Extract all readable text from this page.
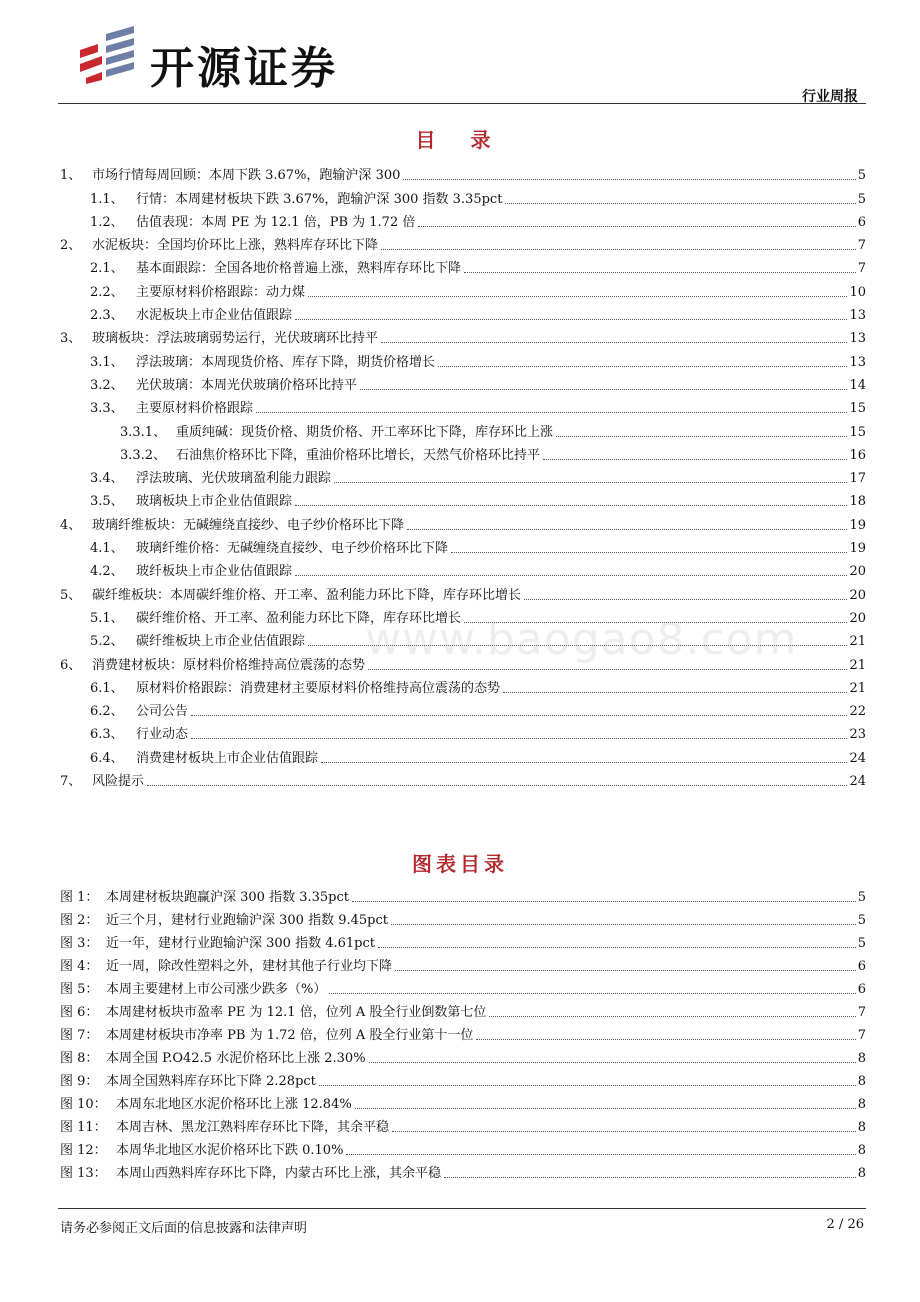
开源证券
行业周报
目 录
1、 市场行情每周回顾：本周下跌 3.67%，跑输沪深 300	5
1.1、 行情：本周建材板块下跌 3.67%，跑输沪深 300 指数 3.35pct	5
1.2、 估值表现：本周 PE 为 12.1 倍，PB 为 1.72 倍	6
2、 水泥板块：全国均价环比上涨，熟料库存环比下降	7
2.1、 基本面跟踪：全国各地价格普遍上涨，熟料库存环比下降	7
2.2、 主要原材料价格跟踪：动力煤	10
2.3、 水泥板块上市企业估值跟踪	13
3、 玻璃板块：浮法玻璃弱势运行，光伏玻璃环比持平	13
3.1、 浮法玻璃：本周现货价格、库存下降，期货价格增长	13
3.2、 光伏玻璃：本周光伏玻璃价格环比持平	14
3.3、 主要原材料价格跟踪	15
3.3.1、 重质纯碱：现货价格、期货价格、开工率环比下降，库存环比上涨	15
3.3.2、 石油焦价格环比下降，重油价格环比增长，天然气价格环比持平	16
3.4、 浮法玻璃、光伏玻璃盈利能力跟踪	17
3.5、 玻璃板块上市企业估值跟踪	18
4、 玻璃纤维板块：无碱缠绕直接纱、电子纱价格环比下降	19
4.1、 玻璃纤维价格：无碱缠绕直接纱、电子纱价格环比下降	19
4.2、 玻纤板块上市企业估值跟踪	20
5、 碳纤维板块：本周碳纤维价格、开工率、盈利能力环比下降，库存环比增长	20
5.1、 碳纤维价格、开工率、盈利能力环比下降，库存环比增长	20
5.2、 碳纤维板块上市企业估值跟踪	21
6、 消费建材板块：原材料价格维持高位震荡的态势	21
6.1、 原材料价格跟踪：消费建材主要原材料价格维持高位震荡的态势	21
6.2、 公司公告	22
6.3、 行业动态	23
6.4、 消费建材板块上市企业估值跟踪	24
7、 风险提示	24
图表目录
图 1： 本周建材板块跑赢沪深 300 指数 3.35pct	5
图 2： 近三个月，建材行业跑输沪深 300 指数 9.45pct	5
图 3： 近一年，建材行业跑输沪深 300 指数 4.61pct	5
图 4： 近一周，除改性塑料之外，建材其他子行业均下降	6
图 5： 本周主要建材上市公司涨少跌多（%）	6
图 6： 本周建材板块市盈率 PE 为 12.1 倍，位列 A 股全行业倒数第七位	7
图 7： 本周建材板块市净率 PB 为 1.72 倍，位列 A 股全行业第十一位	7
图 8： 本周全国 P.O42.5 水泥价格环比上涨 2.30%	8
图 9： 本周全国熟料库存环比下降 2.28pct	8
图 10： 本周东北地区水泥价格环比上涨 12.84%	8
图 11： 本周吉林、黑龙江熟料库存环比下降，其余平稳	8
图 12： 本周华北地区水泥价格环比下跌 0.10%	8
图 13： 本周山西熟料库存环比下降，内蒙古环比上涨，其余平稳	8
www.baogao8.com
请务必参阅正文后面的信息披露和法律声明	2 / 26
